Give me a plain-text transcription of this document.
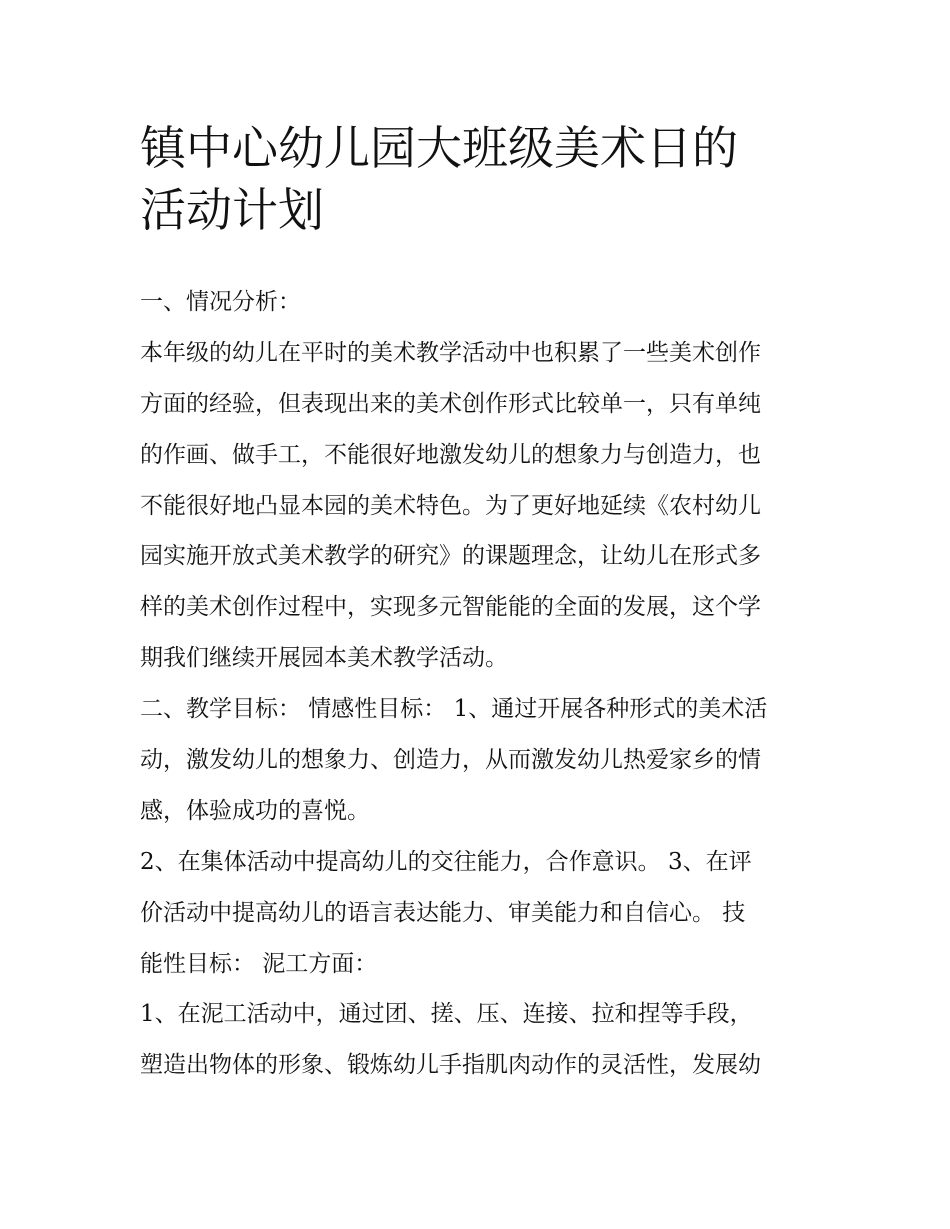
镇中心幼儿园大班级美术日的
活动计划
一、情况分析：
本年级的幼儿在平时的美术教学活动中也积累了一些美术创作
方面的经验，但表现出来的美术创作形式比较单一，只有单纯
的作画、做手工，不能很好地激发幼儿的想象力与创造力，也
不能很好地凸显本园的美术特色。为了更好地延续《农村幼儿
园实施开放式美术教学的研究》的课题理念，让幼儿在形式多
样的美术创作过程中，实现多元智能能的全面的发展，这个学
期我们继续开展园本美术教学活动。
二、教学目标： 情感性目标： 1、通过开展各种形式的美术活
动，激发幼儿的想象力、创造力，从而激发幼儿热爱家乡的情
感，体验成功的喜悦。
2、在集体活动中提高幼儿的交往能力，合作意识。 3、在评
价活动中提高幼儿的语言表达能力、审美能力和自信心。 技
能性目标： 泥工方面：
1、在泥工活动中，通过团、搓、压、连接、拉和捏等手段，
塑造出物体的形象、锻炼幼儿手指肌肉动作的灵活性，发展幼
